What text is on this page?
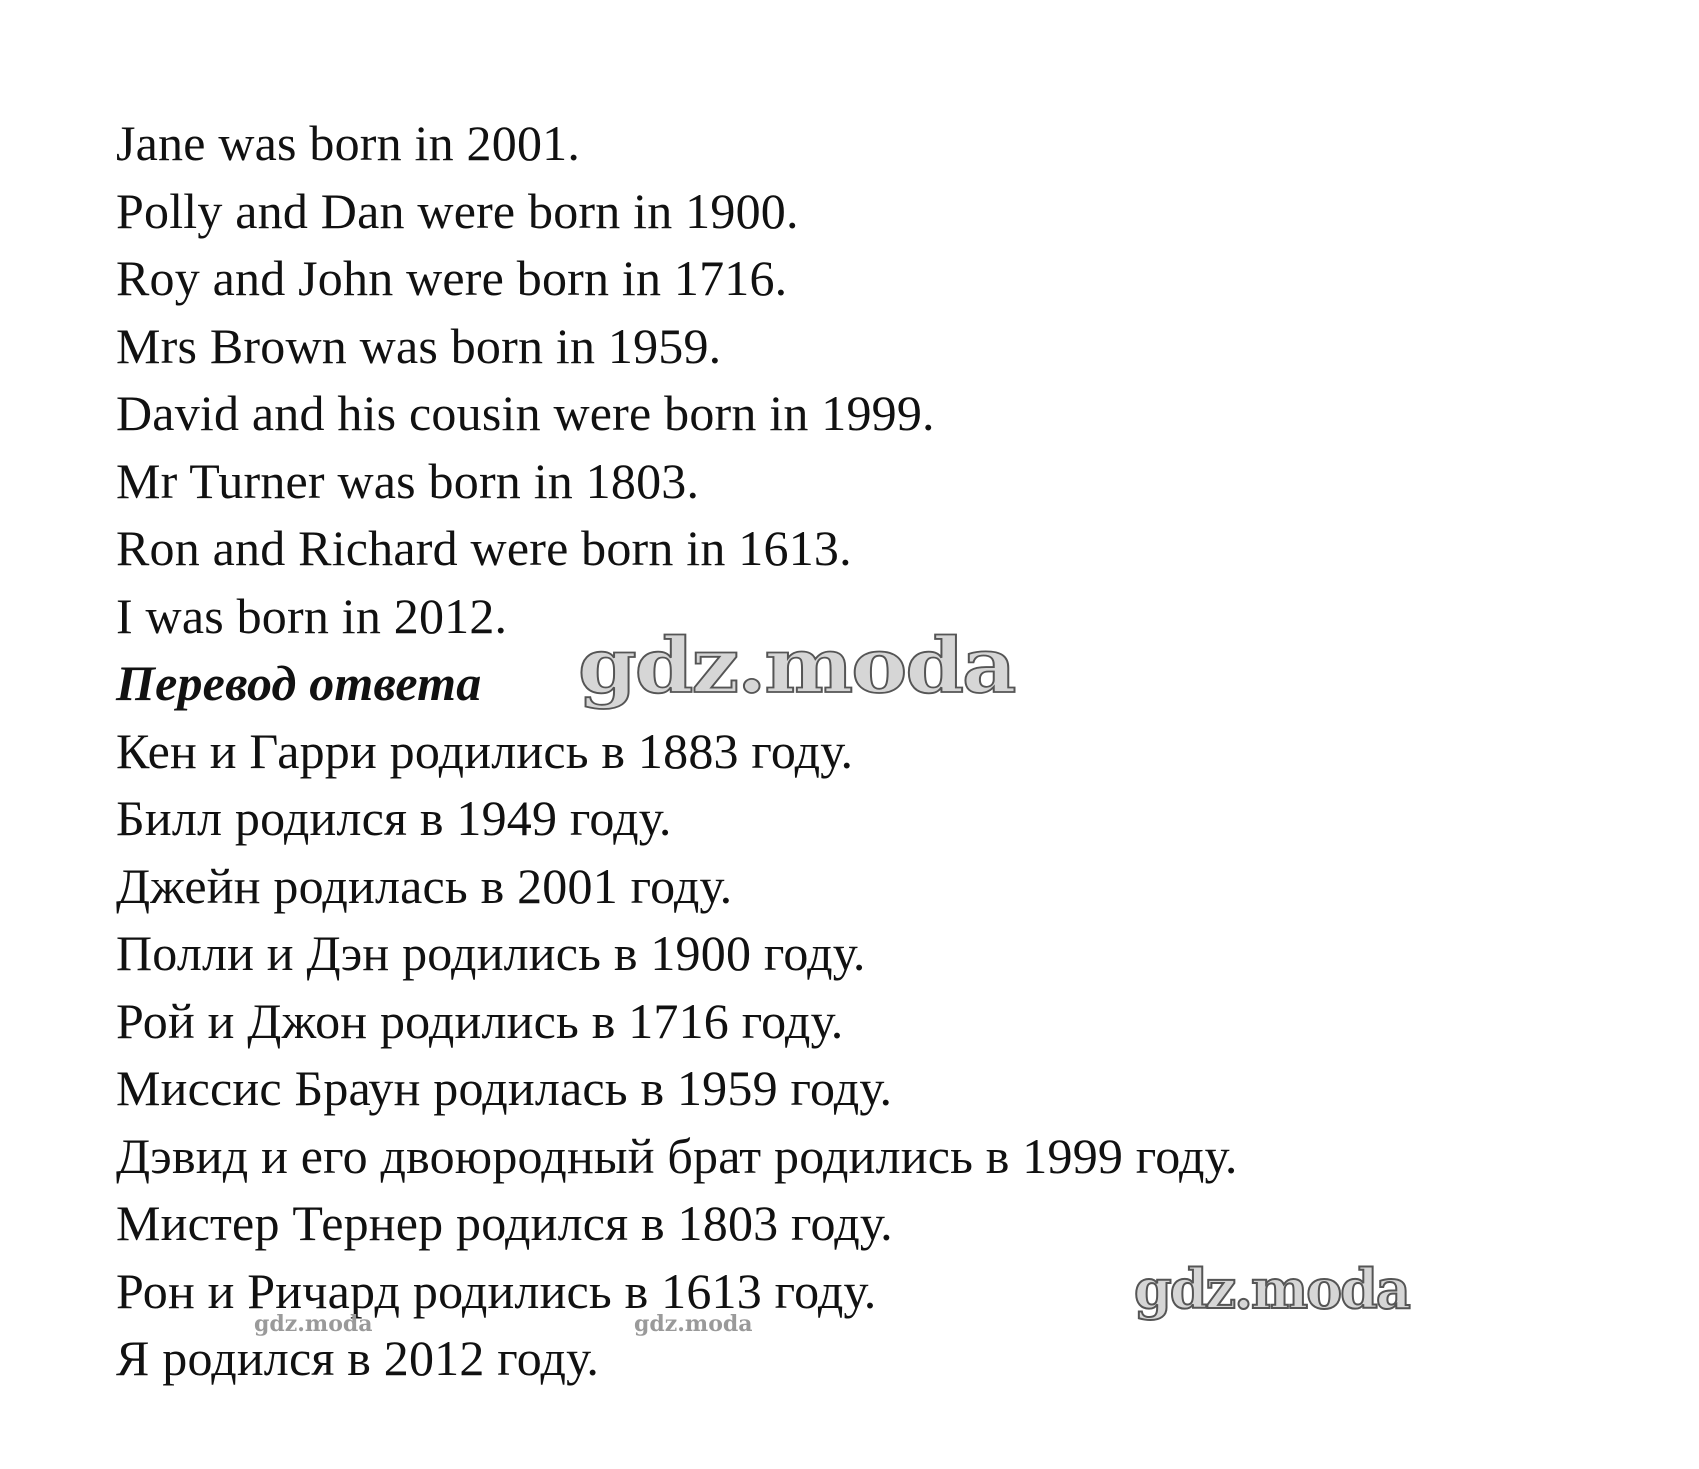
Jane was born in 2001.
Polly and Dan were born in 1900.
Roy and John were born in 1716.
Mrs Brown was born in 1959.
David and his cousin were born in 1999.
Mr Turner was born in 1803.
Ron and Richard were born in 1613.
I was born in 2012.
Перевод ответа
Кен и Гарри родились в 1883 году.
Билл родился в 1949 году.
Джейн родилась в 2001 году.
Полли и Дэн родились в 1900 году.
Рой и Джон родились в 1716 году.
Миссис Браун родилась в 1959 году.
Дэвид и его двоюродный брат родились в 1999 году.
Мистер Тернер родился в 1803 году.
Рон и Ричард родились в 1613 году.
Я родился в 2012 году.
gdz.moda
gdz.moda
gdz.moda	gdz.moda
